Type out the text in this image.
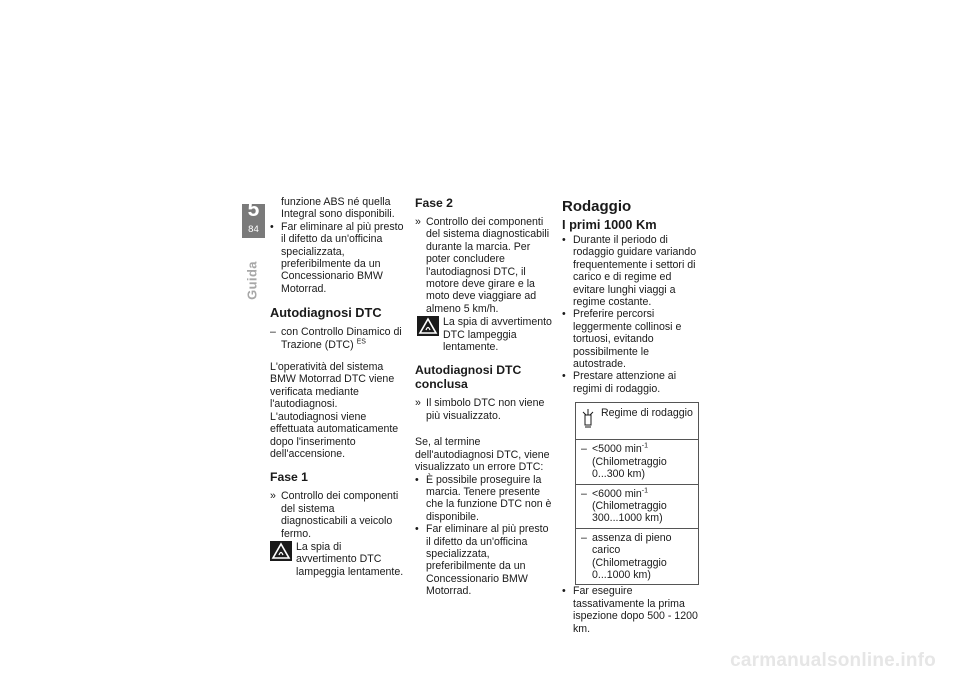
5
84
Guida

funzione ABS né quella Integral sono disponibili.

• Far eliminare al più presto il difetto da un'officina specializzata, preferibilmente da un Concessionario BMW Motorrad.
Autodiagnosi DTC
– con Controllo Dinamico di Trazione (DTC) $^{ES}$

L'operatività del sistema BMW Motorrad DTC viene verificata mediante l'autodiagnosi. L'autodiagnosi viene effettuata automaticamente dopo l'inserimento dell'accensione.

Fase 1
» Controllo dei componenti del sistema diagnosticabili a veicolo fermo.

La spia di avvertimento DTC lampeggia lentamente.

Fase 2
» Controllo dei componenti del sistema diagnosticabili durante la marcia. Per poter concludere l'autodiagnosi DTC, il motore deve girare e la moto deve viaggiare ad almeno 5 km/h.

La spia di avvertimento DTC lampeggia lentamente.

Autodiagnosi DTC conclusa
» Il simbolo DTC non viene più visualizzato.

Se, al termine dell'autodiagnosi DTC, viene visualizzato un errore DTC:

• È possibile proseguire la marcia. Tenere presente che la funzione DTC non è disponibile.
• Far eliminare al più presto il difetto da un'officina specializzata, preferibilmente da un Concessionario BMW Motorrad.
Rodaggio
I primi 1000 Km
• Durante il periodo di rodaggio guidare variando frequentemente i settori di carico e di regime ed evitare lunghi viaggi a regime costante.
• Preferire percorsi leggermente collinosi e tortuosi, evitando possibilmente le autostrade.
• Prestare attenzione ai regimi di rodaggio.
Regime di rodaggio
– <5000 $\min^{-1}$ (Chilometraggio 0...300 km)
– <6000 $\min^{-1}$ (Chilometraggio 300...1000 km)
– assenza di pieno carico (Chilometraggio 0...1000 km)
• Far eseguire tassativamente la prima ispezione dopo 500 - 1200 km.
carmanualsonline.info
